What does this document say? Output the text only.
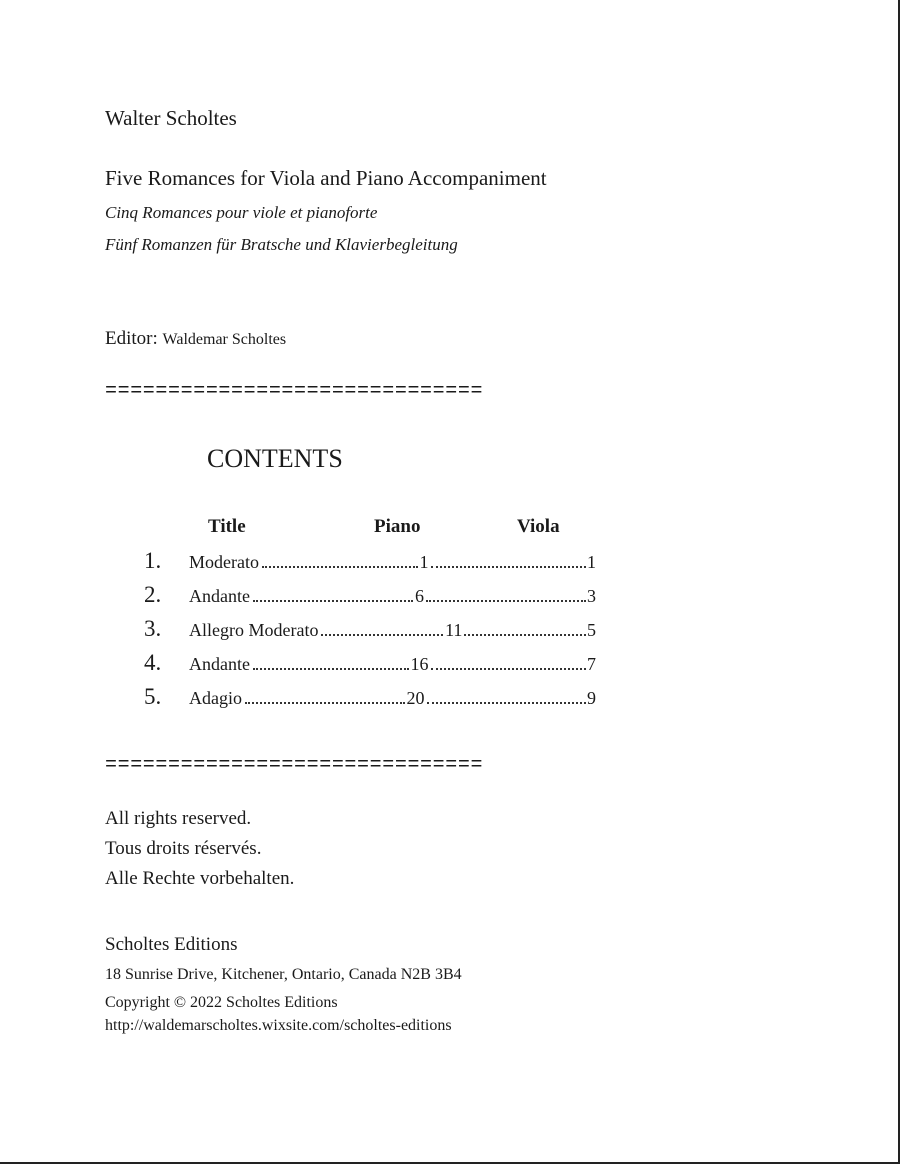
Walter Scholtes
Five Romances for Viola and Piano Accompaniment
Cinq Romances pour viole et pianoforte
Fünf Romanzen für Bratsche und Klavierbegleitung
Editor: Waldemar Scholtes
==============================
CONTENTS
Title	Piano	Viola
1. Moderato	1	1
2. Andante	6	3
3. Allegro Moderato	11	5
4. Andante	16	7
5. Adagio	20	9
==============================
All rights reserved.
Tous droits réservés.
Alle Rechte vorbehalten.
Scholtes Editions
18 Sunrise Drive, Kitchener, Ontario, Canada N2B 3B4
Copyright © 2022 Scholtes Editions
http://waldemarscholtes.wixsite.com/scholtes-editions
